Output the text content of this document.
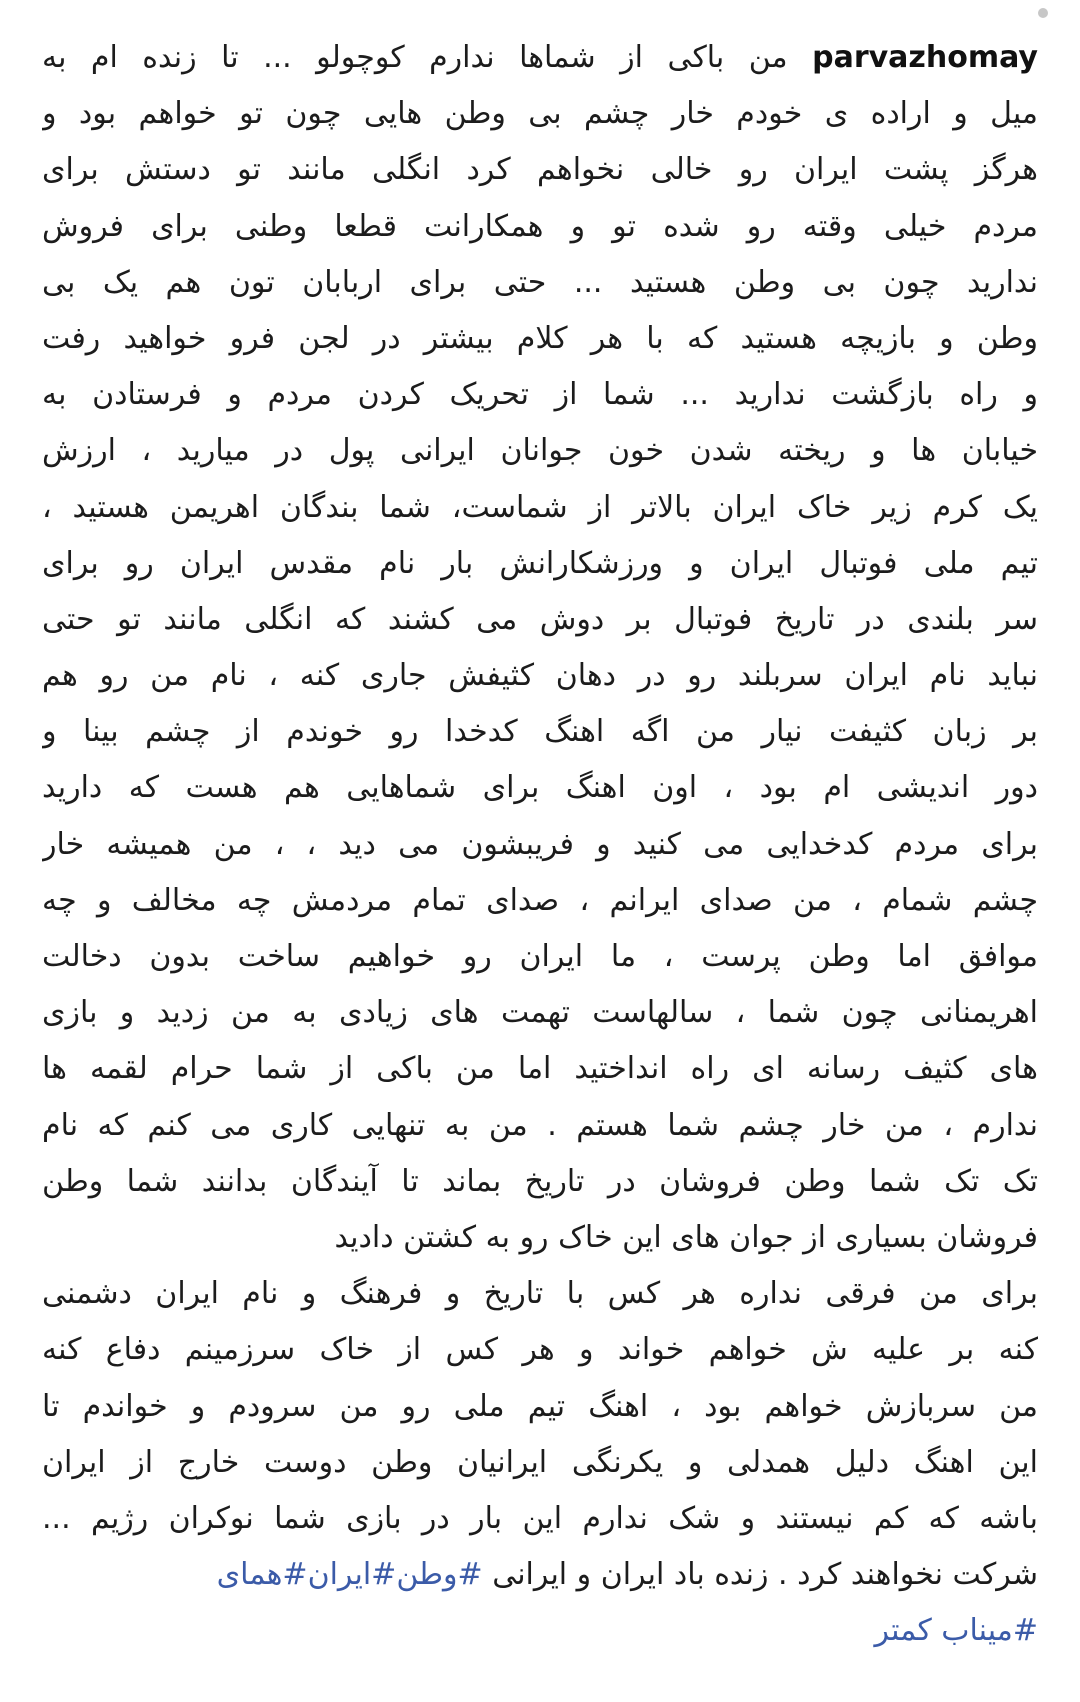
parvazhomay من باکی از شماها ندارم کوچولو ... تا زنده ام به
میل و اراده ی خودم خار چشم بی وطن هایی چون تو خواهم بود و
هرگز پشت ایران رو خالی نخواهم کرد انگلی مانند تو دستش برای
مردم خیلی وقته رو شده تو و همکارانت قطعا وطنی برای فروش
ندارید چون بی وطن هستید ... حتی برای اربابان تون هم یک بی
وطن و بازیچه هستید که با هر کلام بیشتر در لجن فرو خواهید رفت
و راه بازگشت ندارید ... شما از تحریک کردن مردم و فرستادن به
خیابان ها و ریخته شدن خون جوانان ایرانی پول در میارید ، ارزش
یک کرم زیر خاک ایران بالاتر از شماست، شما بندگان اهریمن هستید ،
تیم ملی فوتبال ایران و ورزشکارانش بار نام مقدس ایران رو برای
سر بلندی در تاریخ فوتبال بر دوش می کشند که انگلی مانند تو حتی
نباید نام ایران سربلند رو در دهان کثیفش جاری کنه ، نام من رو هم
بر زبان کثیفت نیار من اگه اهنگ کدخدا رو خوندم از چشم بینا و
دور اندیشی ام بود ، اون اهنگ برای شماهایی هم هست که دارید
برای مردم کدخدایی می کنید و فریبشون می دید ، ، من همیشه خار
چشم شمام ، من صدای ایرانم ، صدای تمام مردمش چه مخالف و چه
موافق اما وطن پرست ، ما ایران رو خواهیم ساخت بدون دخالت
اهریمنانی چون شما ، سالهاست تهمت های زیادی به من زدید و بازی
های کثیف رسانه ای راه انداختید اما من باکی از شما حرام لقمه ها
ندارم ، من خار چشم شما هستم . من به تنهایی کاری می کنم که نام
تک تک شما وطن فروشان در تاریخ بماند تا آیندگان بدانند شما وطن
فروشان بسیاری از جوان های این خاک رو به کشتن دادید
برای من فرقی نداره هر کس با تاریخ و فرهنگ و نام ایران دشمنی
کنه بر علیه ش خواهم خواند و هر کس از خاک سرزمینم دفاع کنه
من سربازش خواهم بود ، اهنگ تیم ملی رو من سرودم و خواندم تا
این اهنگ دلیل همدلی و یکرنگی ایرانیان وطن دوست خارج از ایران
باشه که کم نیستند و شک ندارم این بار در بازی شما نوکران رژیم ...
شرکت نخواهند کرد . زنده باد ایران و ایرانی #وطن#ایران#همای
#میناب کمتر
